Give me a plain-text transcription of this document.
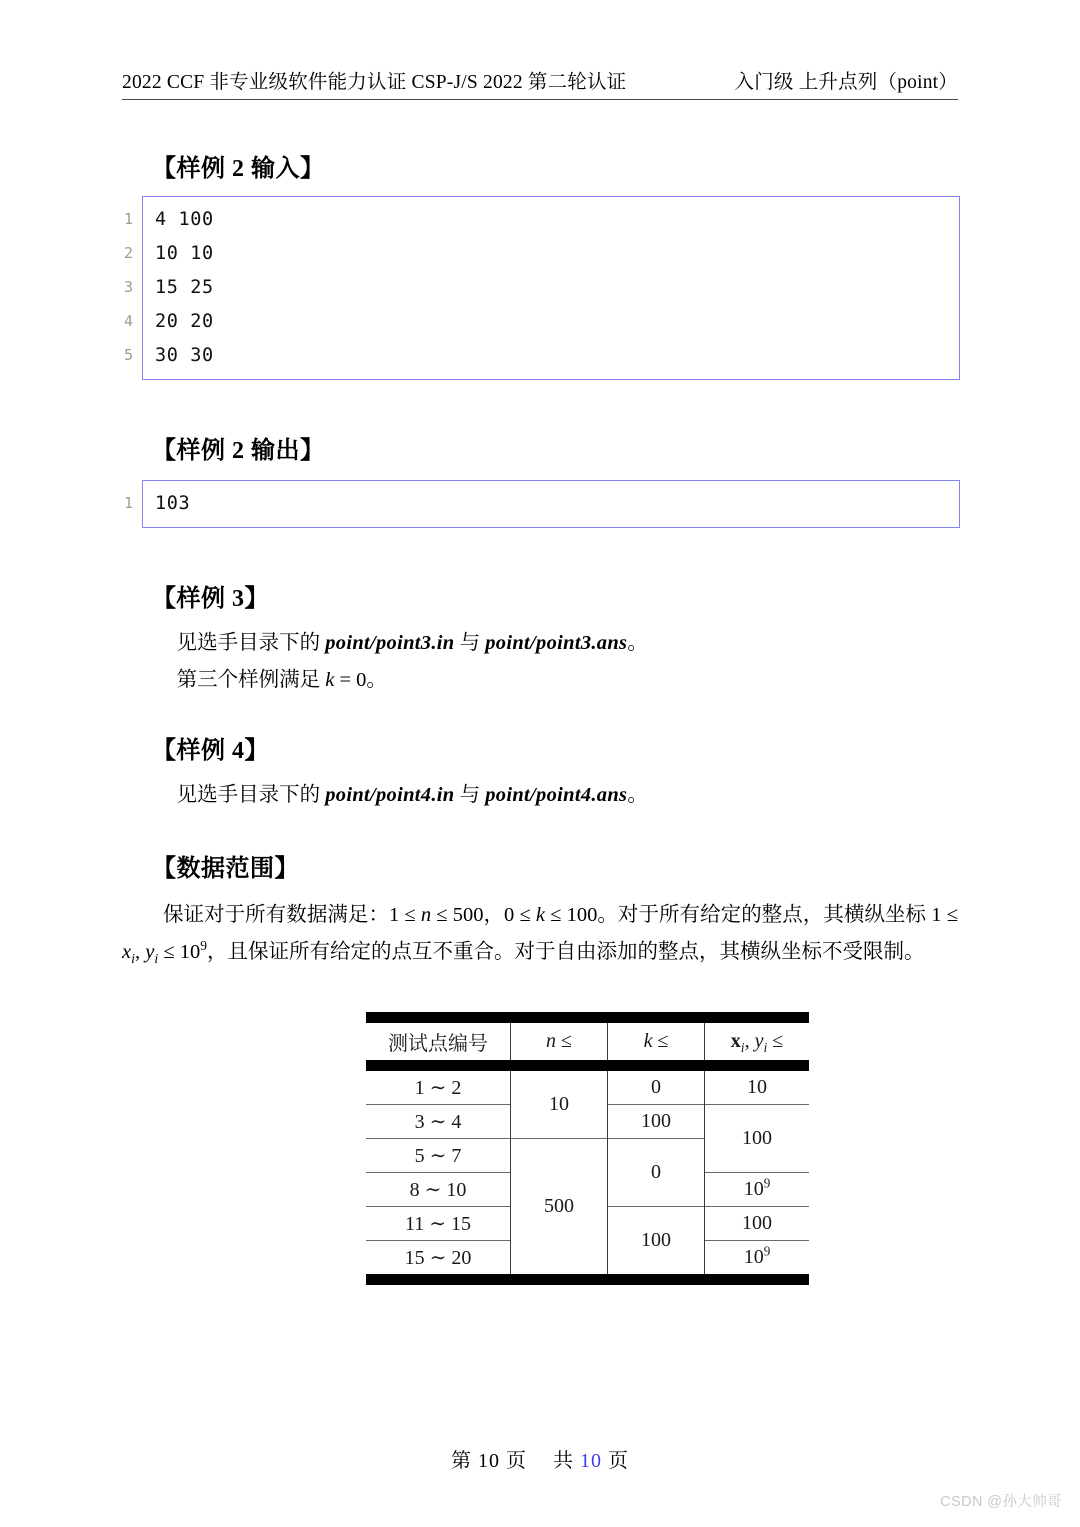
2022 CCF 非专业级软件能力认证 CSP-J/S 2022 第二轮认证	入门级 上升点列（point）
【样例 2 输入】
1
2
3
4
5
4 100
10 10
15 25
20 20
30 30
【样例 2 输出】
1 103
【样例 3】
见选手目录下的 point/point3.in 与 point/point3.ans。
第三个样例满足 k = 0。
【样例 4】
见选手目录下的 point/point4.in 与 point/point4.ans。
【数据范围】
保证对于所有数据满足：1 ≤ n ≤ 500，0 ≤ k ≤ 100。对于所有给定的整点，其横纵坐标 $1 \le x_i$, $y_i \le 10^9$，且保证所有给定的点互不重合。对于自由添加的整点，其横纵坐标不受限制。

测试点编号	n ≤	k ≤	$x_i$, $y_i$ ≤

1 ∼ 2	10	0	10
3 ∼ 4		100	100
5 ∼ 7	500	0	
8 ∼ 10			$10^9$
11 ∼ 15		100	100
15 ∼ 20			$10^9$

第 10 页 共 10 页
CSDN @孙大帅哥
